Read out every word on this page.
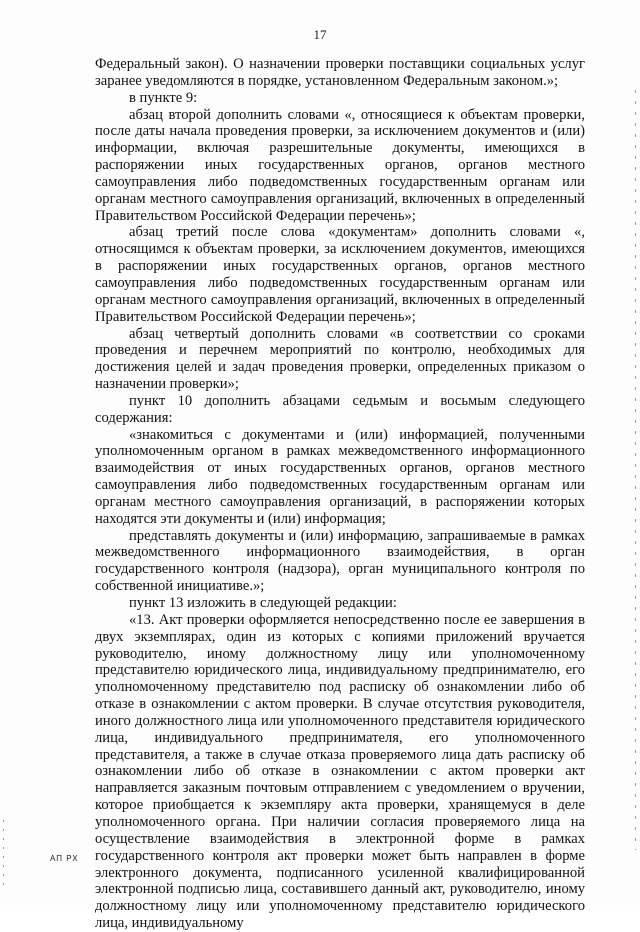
17

Федеральный закон). О назначении проверки поставщики социальных услуг заранее уведомляются в порядке, установленном Федеральным законом.»;

в пункте 9:

абзац второй дополнить словами «, относящиеся к объектам проверки, после даты начала проведения проверки, за исключением документов и (или) информации, включая разрешительные документы, имеющихся в распоряжении иных государственных органов, органов местного самоуправления либо подведомственных государственным органам или органам местного самоуправления организаций, включенных в определенный Правительством Российской Федерации перечень»;

абзац третий после слова «документам» дополнить словами «, относящимся к объектам проверки, за исключением документов, имеющихся в распоряжении иных государственных органов, органов местного самоуправления либо подведомственных государственным органам или органам местного самоуправления организаций, включенных в определенный Правительством Российской Федерации перечень»;

абзац четвертый дополнить словами «в соответствии со сроками проведения и перечнем мероприятий по контролю, необходимых для достижения целей и задач проведения проверки, определенных приказом о назначении проверки»;

пункт 10 дополнить абзацами седьмым и восьмым следующего содержания:

«знакомиться с документами и (или) информацией, полученными уполномоченным органом в рамках межведомственного информационного взаимодействия от иных государственных органов, органов местного самоуправления либо подведомственных государственным органам или органам местного самоуправления организаций, в распоряжении которых находятся эти документы и (или) информация;

представлять документы и (или) информацию, запрашиваемые в рамках межведомственного информационного взаимодействия, в орган государственного контроля (надзора), орган муниципального контроля по собственной инициативе.»;

пункт 13 изложить в следующей редакции:

«13. Акт проверки оформляется непосредственно после ее завершения в двух экземплярах, один из которых с копиями приложений вручается руководителю, иному должностному лицу или уполномоченному представителю юридического лица, индивидуальному предпринимателю, его уполномоченному представителю под расписку об ознакомлении либо об отказе в ознакомлении с актом проверки. В случае отсутствия руководителя, иного должностного лица или уполномоченного представителя юридического лица, индивидуального предпринимателя, его уполномоченного представителя, а также в случае отказа проверяемого лица дать расписку об ознакомлении либо об отказе в ознакомлении с актом проверки акт направляется заказным почтовым отправлением с уведомлением о вручении, которое приобщается к экземпляру акта проверки, хранящемуся в деле уполномоченного органа. При наличии согласия проверяемого лица на осуществление взаимодействия в электронной форме в рамках государственного контроля акт проверки может быть направлен в форме электронного документа, подписанного усиленной квалифицированной электронной подписью лица, составившего данный акт, руководителю, иному должностному лицу или уполномоченному представителю юридического лица, индивидуальному

АП РХ
